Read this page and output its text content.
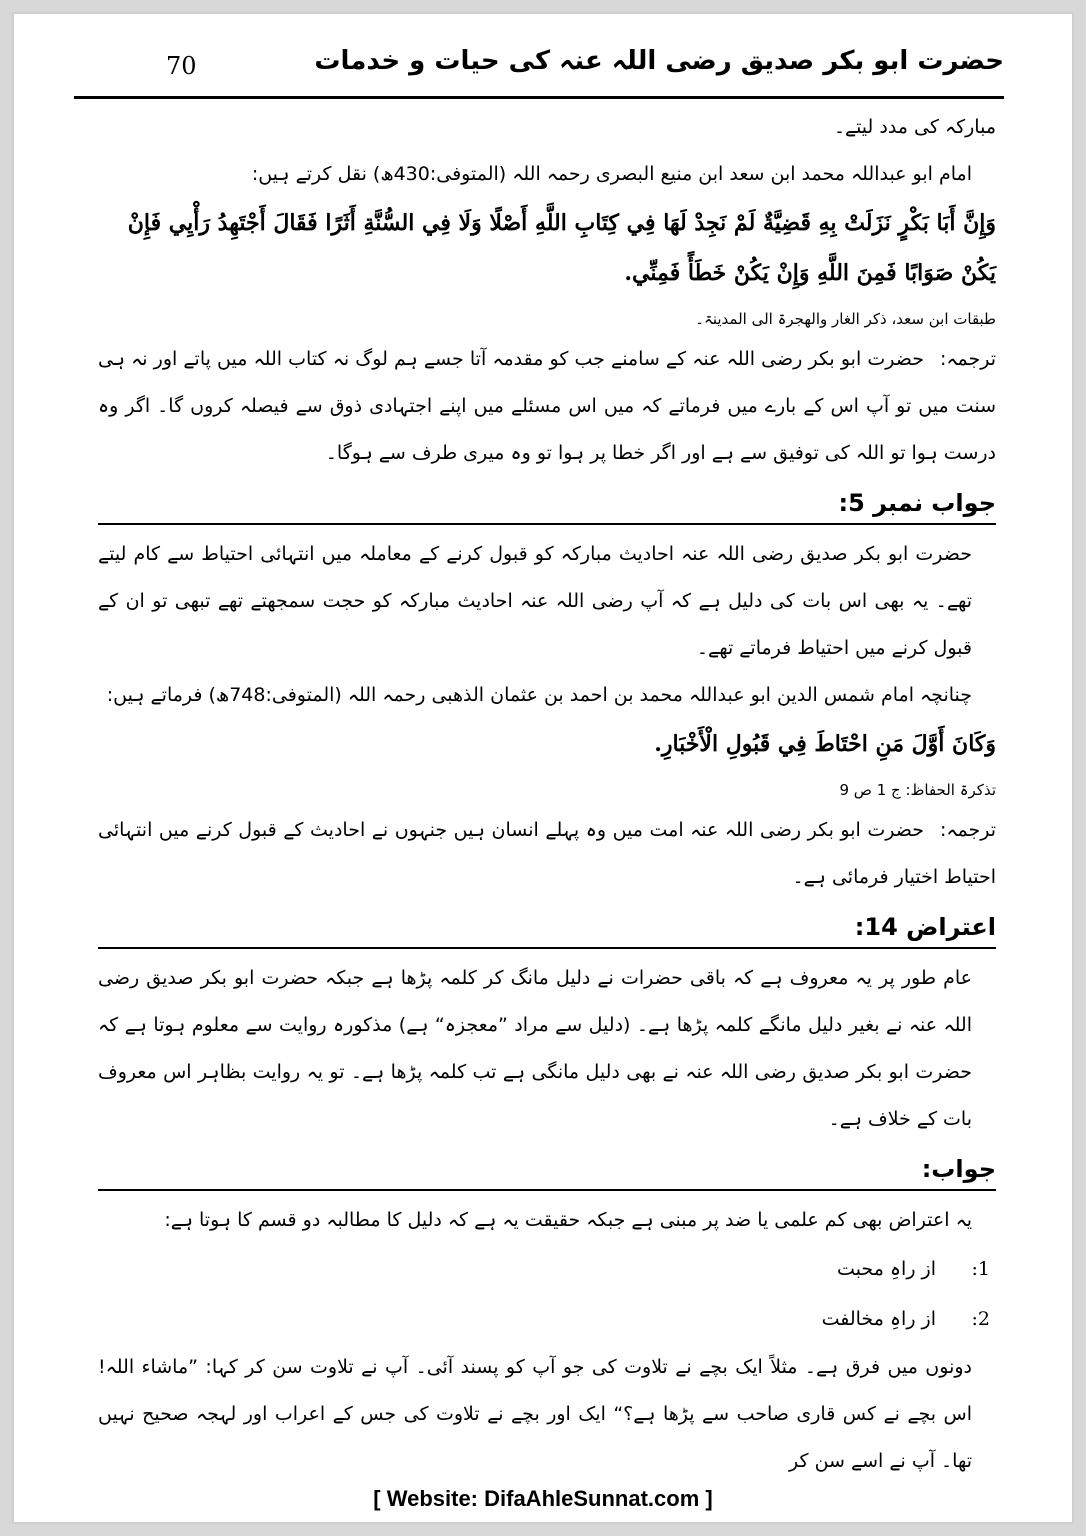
حضرت ابو بکر صدیق رضی اللہ عنہ کی حیات و خدمات
70

مبارکہ کی مدد لیتے۔

امام ابو عبداللہ محمد ابن سعد ابن منیع البصری رحمہ اللہ (المتوفی:430ھ) نقل کرتے ہیں:

وَإِنَّ أَبَا بَكْرٍ نَزَلَتْ بِهِ قَضِيَّةٌ لَمْ نَجِدْ لَهَا فِي كِتَابِ اللَّهِ أَصْلًا وَلَا فِي السُّنَّةِ أَثَرًا فَقَالَ أَجْتَهِدُ رَأْيِي فَإِنْ يَكُنْ صَوَابًا فَمِنَ اللَّهِ وَإِنْ يَكُنْ خَطَأً فَمِنِّي.

طبقات ابن سعد، ذکر الغار والھجرۃ الی المدینۃ۔

ترجمہ:حضرت ابو بکر رضی اللہ عنہ کے سامنے جب کو مقدمہ آتا جسے ہم لوگ نہ کتاب اللہ میں پاتے اور نہ ہی سنت میں تو آپ اس کے بارے میں فرماتے کہ میں اس مسئلے میں اپنے اجتہادی ذوق سے فیصلہ کروں گا۔ اگر وہ درست ہوا تو اللہ کی توفیق سے ہے اور اگر خطا پر ہوا تو وہ میری طرف سے ہوگا۔

جواب نمبر 5:

حضرت ابو بکر صدیق رضی اللہ عنہ احادیث مبارکہ کو قبول کرنے کے معاملہ میں انتہائی احتیاط سے کام لیتے تھے۔ یہ بھی اس بات کی دلیل ہے کہ آپ رضی اللہ عنہ احادیث مبارکہ کو حجت سمجھتے تھے تبھی تو ان کے قبول کرنے میں احتیاط فرماتے تھے۔

چنانچہ امام شمس الدین ابو عبداللہ محمد بن احمد بن عثمان الذھبی رحمہ اللہ (المتوفی:748ھ) فرماتے ہیں:

وَكَانَ أَوَّلَ مَنِ احْتَاطَ فِي قَبُولِ الْأَخْبَارِ.

تذکرۃ الحفاظ: ج 1 ص 9

ترجمہ:حضرت ابو بکر رضی اللہ عنہ امت میں وہ پہلے انسان ہیں جنہوں نے احادیث کے قبول کرنے میں انتہائی احتیاط اختیار فرمائی ہے۔

اعتراض 14:

عام طور پر یہ معروف ہے کہ باقی حضرات نے دلیل مانگ کر کلمہ پڑھا ہے جبکہ حضرت ابو بکر صدیق رضی اللہ عنہ نے بغیر دلیل مانگے کلمہ پڑھا ہے۔ (دلیل سے مراد ”معجزہ“ ہے) مذکورہ روایت سے معلوم ہوتا ہے کہ حضرت ابو بکر صدیق رضی اللہ عنہ نے بھی دلیل مانگی ہے تب کلمہ پڑھا ہے۔ تو یہ روایت بظاہر اس معروف بات کے خلاف ہے۔

جواب:

یہ اعتراض بھی کم علمی یا ضد پر مبنی ہے جبکہ حقیقت یہ ہے کہ دلیل کا مطالبہ دو قسم کا ہوتا ہے:

1:از راہِ محبت
2:از راہِ مخالفت

دونوں میں فرق ہے۔ مثلاً ایک بچے نے تلاوت کی جو آپ کو پسند آئی۔ آپ نے تلاوت سن کر کہا: ”ماشاء اللہ! اس بچے نے کس قاری صاحب سے پڑھا ہے؟“ ایک اور بچے نے تلاوت کی جس کے اعراب اور لہجہ صحیح نہیں تھا۔ آپ نے اسے سن کر

[ Website: DifaAhleSunnat.com ]
